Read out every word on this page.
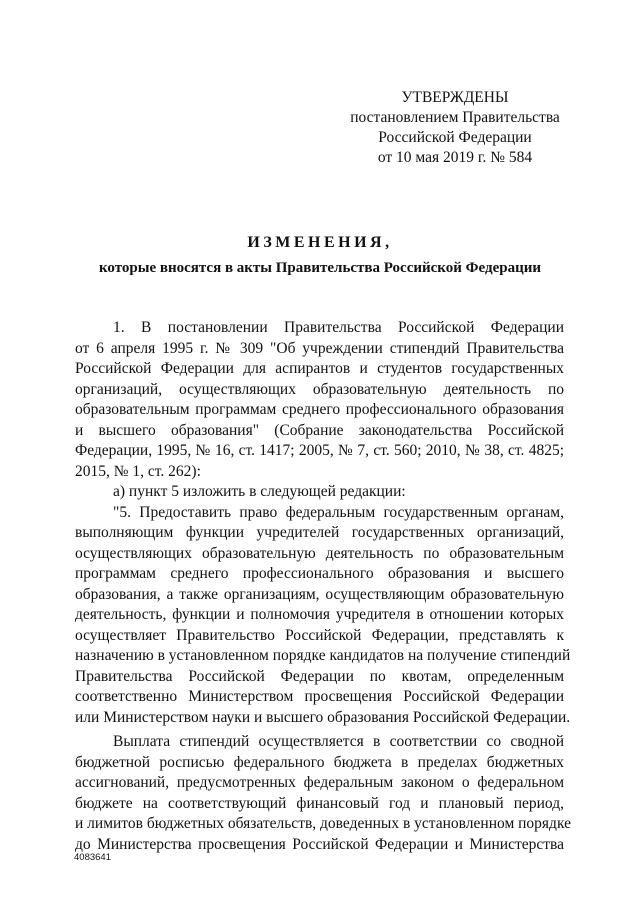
УТВЕРЖДЕНЫ
постановлением Правительства
Российской Федерации
от 10 мая 2019 г. № 584
ИЗМЕНЕНИЯ,
которые вносятся в акты Правительства Российской Федерации
1. В постановлении Правительства Российской Федерации
от 6 апреля 1995 г. № 309 "Об учреждении стипендий Правительства
Российской Федерации для аспирантов и студентов государственных
организаций, осуществляющих образовательную деятельность по
образовательным программам среднего профессионального образования
и высшего образования" (Собрание законодательства Российской
Федерации, 1995, № 16, ст. 1417; 2005, № 7, ст. 560; 2010, № 38, ст. 4825;
2015, № 1, ст. 262):
а) пункт 5 изложить в следующей редакции:
"5. Предоставить право федеральным государственным органам,
выполняющим функции учредителей государственных организаций,
осуществляющих образовательную деятельность по образовательным
программам среднего профессионального образования и высшего
образования, а также организациям, осуществляющим образовательную
деятельность, функции и полномочия учредителя в отношении которых
осуществляет Правительство Российской Федерации, представлять к
назначению в установленном порядке кандидатов на получение стипендий
Правительства Российской Федерации по квотам, определенным
соответственно Министерством просвещения Российской Федерации
или Министерством науки и высшего образования Российской Федерации.
Выплата стипендий осуществляется в соответствии со сводной
бюджетной росписью федерального бюджета в пределах бюджетных
ассигнований, предусмотренных федеральным законом о федеральном
бюджете на соответствующий финансовый год и плановый период,
и лимитов бюджетных обязательств, доведенных в установленном порядке
до Министерства просвещения Российской Федерации и Министерства
4083641
